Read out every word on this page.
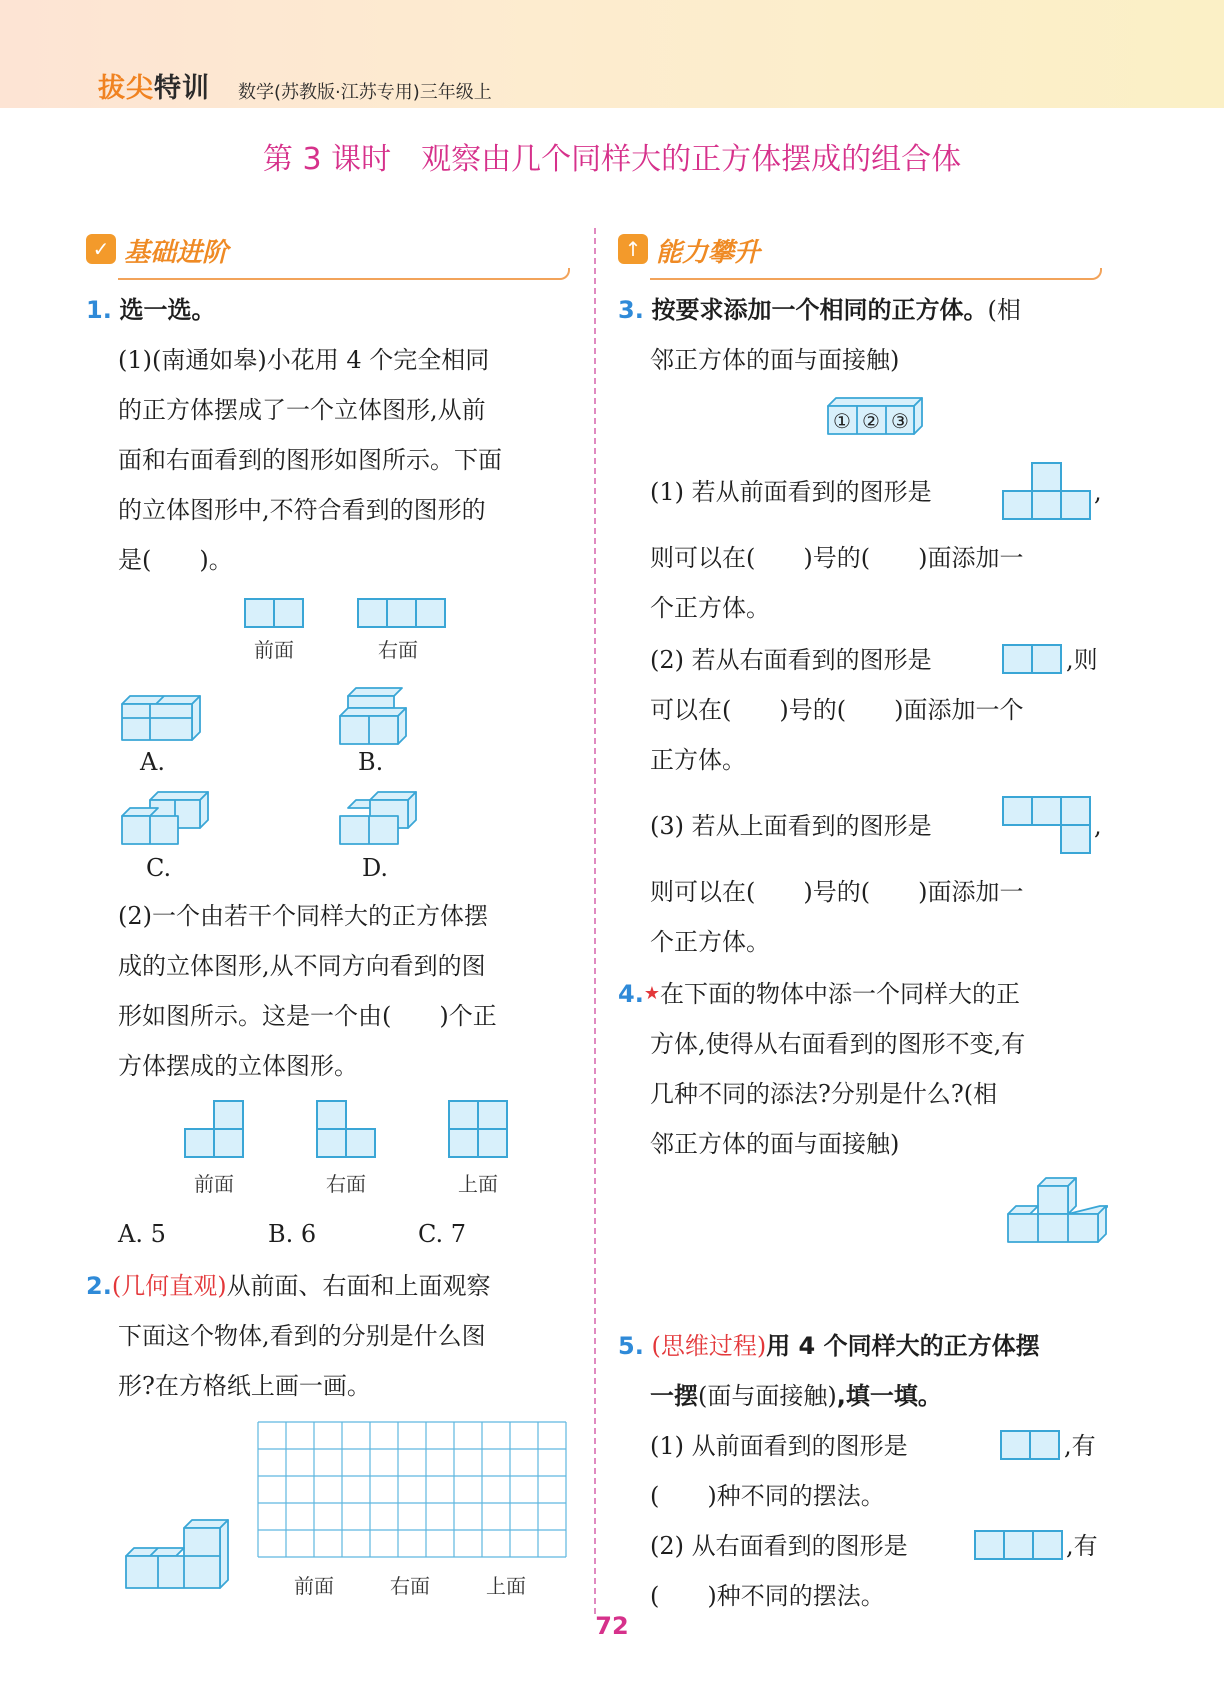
拔尖特训 数学(苏教版·江苏专用)三年级上
第 3 课时　观察由几个同样大的正方体摆成的组合体
✓ 基础进阶	↑ 能力攀升
1. 选一选。
(1)(南通如皋)小花用 4 个完全相同
的正方体摆成了一个立体图形,从前
面和右面看到的图形如图所示。下面
的立体图形中,不符合看到的图形的
是(　　)。
前面	右面
A.	B.
C.	D.
(2)一个由若干个同样大的正方体摆
成的立体图形,从不同方向看到的图
形如图所示。这是一个由(　　)个正
方体摆成的立体图形。
前面	右面	上面
A. 5	B. 6	C. 7
2.(几何直观)从前面、右面和上面观察
下面这个物体,看到的分别是什么图
形?在方格纸上画一画。
前面	右面	上面
3. 按要求添加一个相同的正方体。(相
邻正方体的面与面接触)
① ② ③
(1) 若从前面看到的图形是	,
则可以在(　　)号的(　　)面添加一
个正方体。
(2) 若从右面看到的图形是	,则
可以在(　　)号的(　　)面添加一个
正方体。
(3) 若从上面看到的图形是	,
则可以在(　　)号的(　　)面添加一
个正方体。
4.★在下面的物体中添一个同样大的正
方体,使得从右面看到的图形不变,有
几种不同的添法?分别是什么?(相
邻正方体的面与面接触)
5. (思维过程)用 4 个同样大的正方体摆
一摆(面与面接触),填一填。
(1) 从前面看到的图形是	,有
(　　)种不同的摆法。
(2) 从右面看到的图形是	,有
(　　)种不同的摆法。
72
